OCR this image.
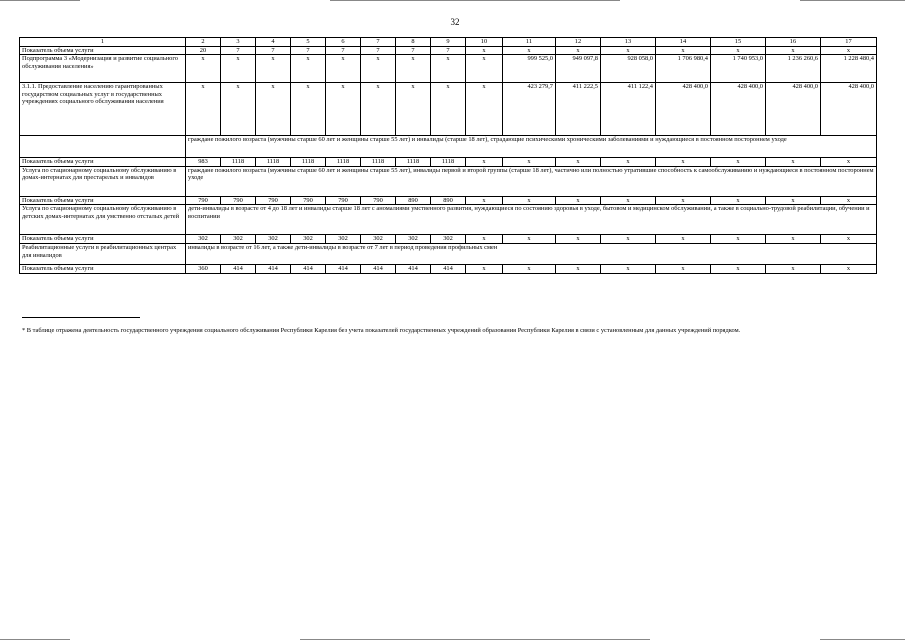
32
1	2	3	4	5	6	7	8	9	10	11	12	13	14	15	16	17
Показатель объема услуги	20	7	7	7	7	7	7	7	x	x	x	x	x	x	x	x
Подпрограмма 3 «Модернизация и развитие социального обслуживания населения»	x	x	x	x	x	x	x	x	x	999 525,0	949 097,8	928 058,0	1 706 980,4	1 740 953,0	1 236 260,6	1 228 480,4
3.1.1. Предоставление населению гарантированных государством социальных услуг в государственных учреждениях социального обслуживания населения	x	x	x	x	x	x	x	x	x	423 279,7	411 222,5	411 122,4	428 400,0	428 400,0	428 400,0	428 400,0
	граждане пожилого возраста (мужчины старше 60 лет и женщины старше 55 лет) и инвалиды (старше 18 лет), страдающие психическими хроническими заболеваниями и нуждающиеся в постоянном постороннем уходе															
Показатель объема услуги	983	1118	1118	1118	1118	1118	1118	1118	x	x	x	x	x	x	x	x
Услуга по стационарному социальному обслуживанию в домах-интернатах для престарелых и инвалидов	граждане пожилого возраста (мужчины старше 60 лет и женщины старше 55 лет), инвалиды первой и второй группы (старше 18 лет), частично или полностью утратившие способность к самообслуживанию и нуждающиеся в постоянном постороннем уходе															
Показатель объема услуги	790	790	790	790	790	790	890	890	x	x	x	x	x	x	x	x
Услуга по стационарному социальному обслуживанию в детских домах-интернатах для умственно отсталых детей	дети-инвалиды в возрасте от 4 до 18 лет и инвалиды старше 18 лет с аномалиями умственного развития, нуждающиеся по состоянию здоровья в уходе, бытовом и медицинском обслуживании, а также в социально-трудовой реабилитации, обучении и воспитании															
Показатель объема услуги	302	302	302	302	302	302	302	302	x	x	x	x	x	x	x	x
Реабилитационные услуги в реабилитационных центрах для инвалидов	инвалиды в возрасте от 16 лет, а также дети-инвалиды в возрасте от 7 лет в период проведения профильных смен															
Показатель объема услуги	360	414	414	414	414	414	414	414	x	x	x	x	x	x	x	x
* В таблице отражена деятельность государственного учреждения социального обслуживания Республики Карелия без учета показателей государственных учреждений образования Республики Карелия в связи с установленным для данных учреждений порядком.
